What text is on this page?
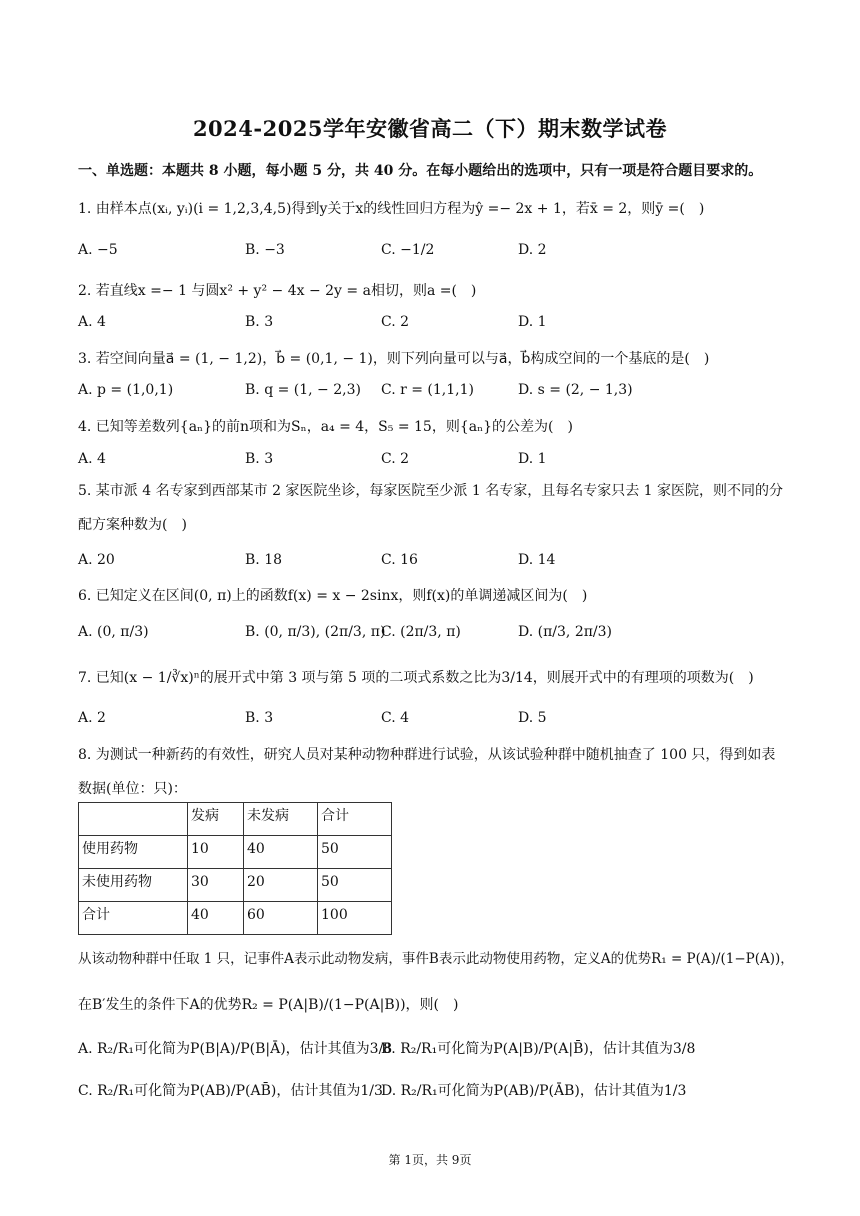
2024-2025学年安徽省高二（下）期末数学试卷
一、单选题：本题共 8 小题，每小题 5 分，共 40 分。在每小题给出的选项中，只有一项是符合题目要求的。
1. 由样本点(xᵢ, yᵢ)(i = 1,2,3,4,5)得到y关于x的线性回归方程为ŷ =− 2x + 1，若x̄ = 2，则ȳ =(　)
A. −5	B. −3	C. −1/2	D. 2
2. 若直线x =− 1 与圆x² + y² − 4x − 2y = a相切，则a =(　)
A. 4	B. 3	C. 2	D. 1
3. 若空间向量a⃗ = (1, − 1,2)，b⃗ = (0,1, − 1)，则下列向量可以与a⃗，b⃗构成空间的一个基底的是(　)
A. p = (1,0,1)	B. q = (1, − 2,3) C. r = (1,1,1)	D. s = (2, − 1,3)
4. 已知等差数列{aₙ}的前n项和为Sₙ，a₄ = 4，S₅ = 15，则{aₙ}的公差为(　)
A. 4	B. 3	C. 2	D. 1
5. 某市派 4 名专家到西部某市 2 家医院坐诊，每家医院至少派 1 名专家，且每名专家只去 1 家医院，则不同的分配方案种数为(　)
A. 20	B. 18	C. 16	D. 14
6. 已知定义在区间(0, π)上的函数f(x) = x − 2sinx，则f(x)的单调递减区间为(　)
A. (0, π/3)	B. (0, π/3), (2π/3, π)
C. (2π/3, π)	D. (π/3, 2π/3)
7. 已知(x − 1/∛x)ⁿ的展开式中第 3 项与第 5 项的二项式系数之比为3/14，则展开式中的有理项的项数为(　)
A. 2	B. 3	C. 4	D. 5
8. 为测试一种新药的有效性，研究人员对某种动物种群进行试验，从该试验种群中随机抽查了 100 只，得到如表数据(单位：只)：
	发病	未发病	合计
使用药物	10	40	50
未使用药物	30	20	50
合计	40	60	100
从该动物种群中任取 1 只，记事件A表示此动物发病，事件B表示此动物使用药物，定义A的优势R₁ = P(A)/(1−P(A))，
在B′发生的条件下A的优势R₂ = P(A|B)/(1−P(A|B))，则(　)
A. R₂/R₁可化简为P(B|A)/P(B|Ā)，估计其值为3/8
B. R₂/R₁可化简为P(A|B)/P(A|B̄)，估计其值为3/8
C. R₂/R₁可化简为P(AB)/P(AB̄)，估计其值为1/3
D. R₂/R₁可化简为P(AB)/P(ĀB)，估计其值为1/3
第 1页，共 9页
